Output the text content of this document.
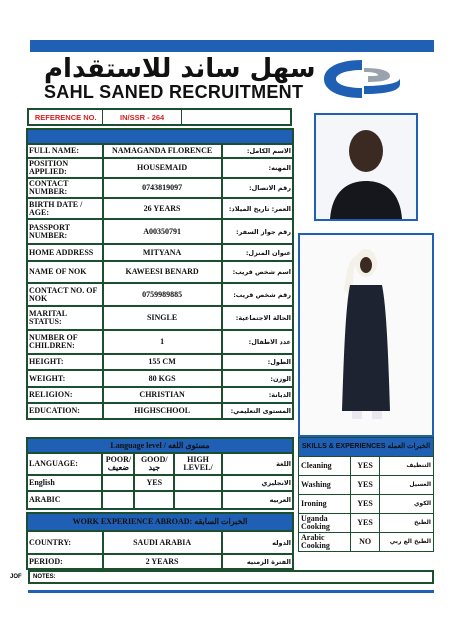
سهل ساند للاستقدام
SAHL SANED RECRUITMENT
REFERENCE NO.	IN/SSR - 264

FULL NAME:	NAMAGANDA FLORENCE	الاسم الكامل:
POSITION APPLIED:	HOUSEMAID	المهنه:
CONTACT NUMBER:	0743819097	رقم الاتصال:
BIRTH DATE / AGE:	26 YEARS	العمر: تاريخ الميلاد:
PASSPORT NUMBER:	A00350791	رقم جواز السفر:
HOME ADDRESS	MITYANA	عنوان المنزل:
NAME OF NOK	KAWEESI BENARD	اسم شخص قريب:
CONTACT NO. OF NOK	0759989885	رقم شخص قريب:
MARITAL STATUS:	SINGLE	الحالة الاجتماعية:
NUMBER OF CHILDREN:	1	عدد الاطفال:
HEIGHT:	155 CM	الطول:
WEIGHT:	80 KGS	الوزن:
RELIGION:	CHRISTIAN	الديانة:
EDUCATION:	HIGHSCHOOL	المستوى التعليمي:
Language level / مستوى اللغه				
LANGUAGE:	POOR/ ضعيف	GOOD/جيد	HIGH LEVEL/	اللغة
English		YES		الانجليزي
ARABIC				العربيه
WORK EXPERIENCE ABROAD: الخبرات السابقه		
COUNTRY:	SAUDI ARABIA	الدوله
PERIOD:	2 YEARS	الفترة الزمنيه
SKILLS & EXPERIENCES الخبرات العمله		
Cleaning	YES	التنظيف
Washing	YES	الغسيل
Ironing	YES	الكوي
Uganda Cooking	YES	الطبخ
Arabic Cooking	NO	الطبخ الع ربي
JOF	NOTES:
